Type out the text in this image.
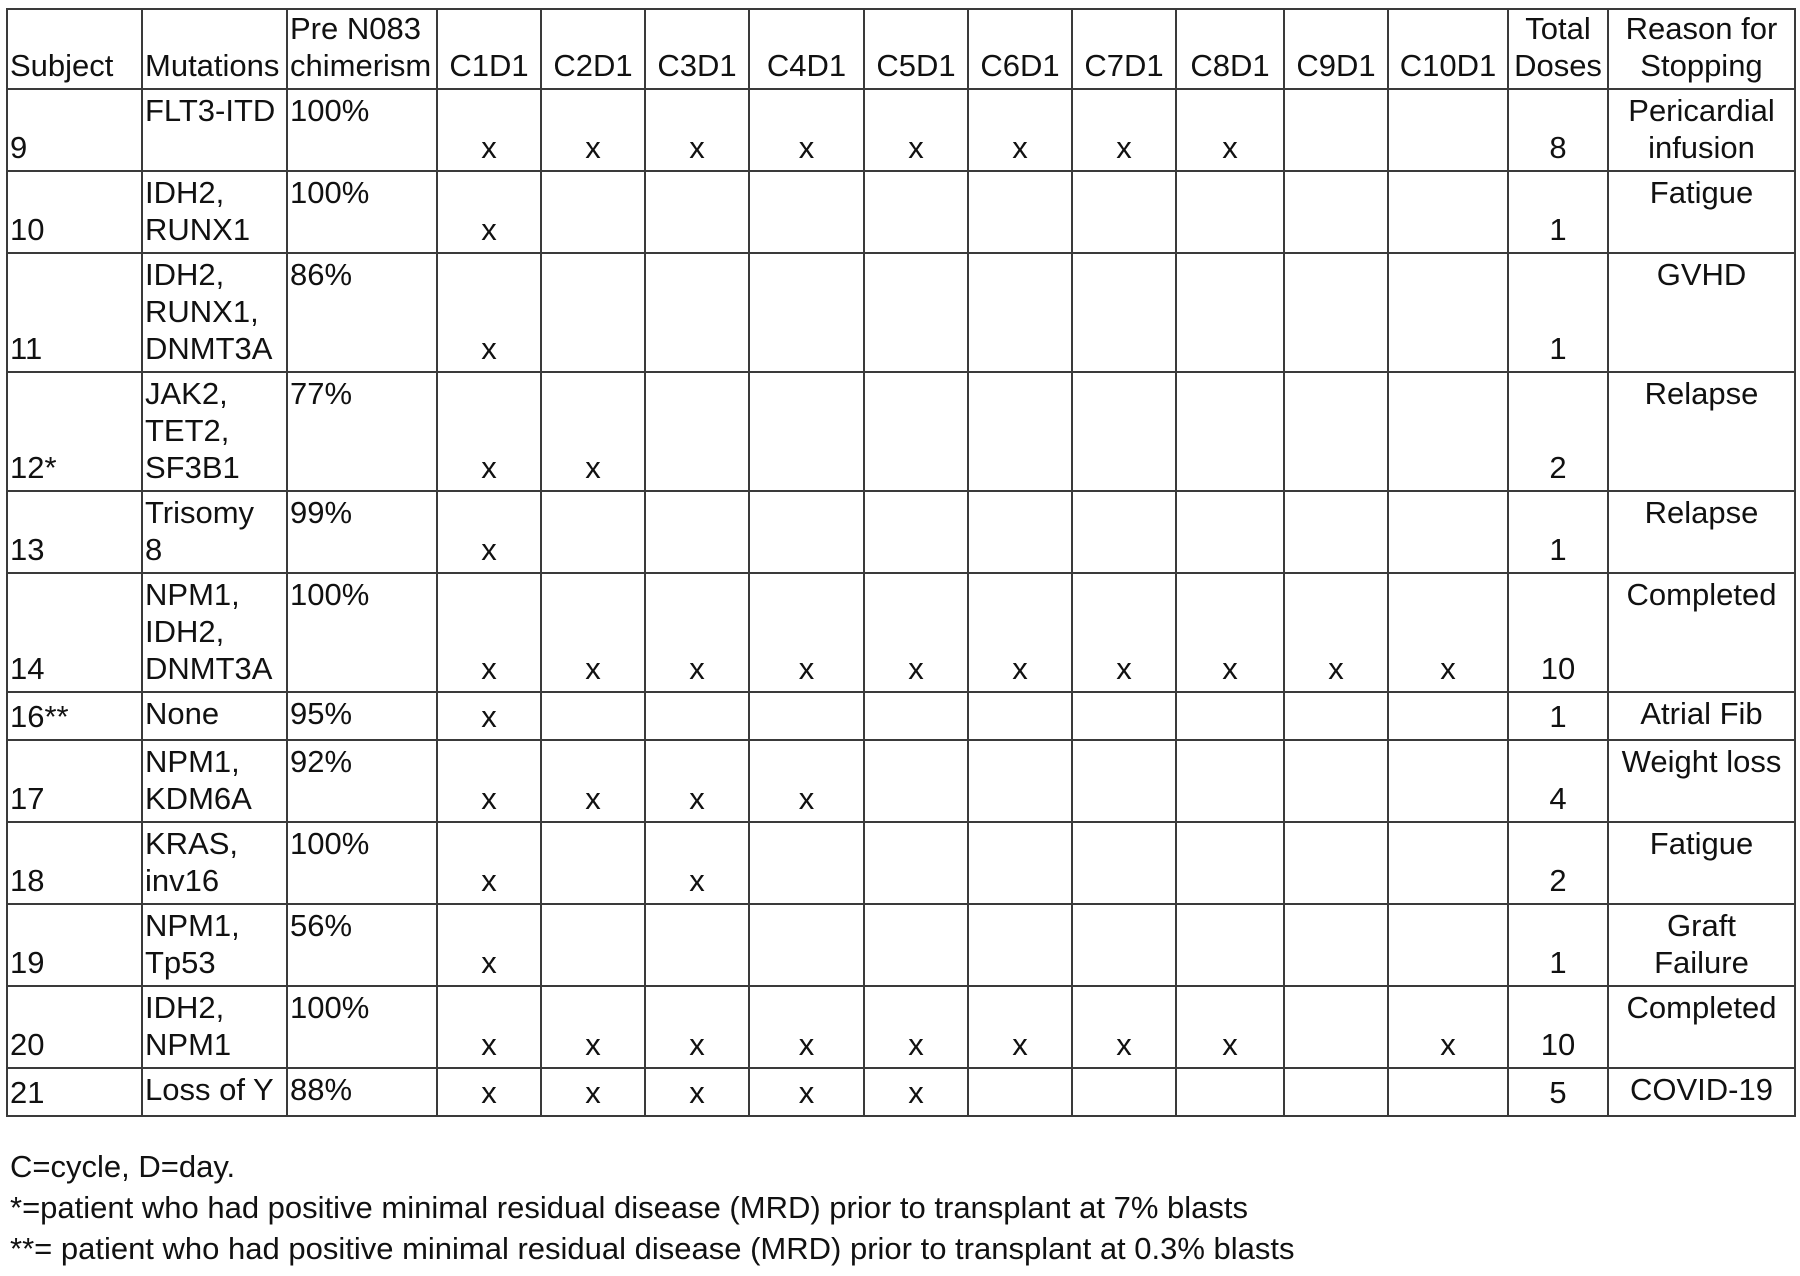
Subject	Mutations	Pre N083
chimerism	C1D1	C2D1	C3D1	C4D1	C5D1	C6D1	C7D1	C8D1	C9D1	C10D1	Total
Doses	Reason for
Stopping
9	FLT3-ITD	100%	x	x	x	x	x	x	x	x			8	Pericardial
infusion
10	IDH2,
RUNX1	100%	x										1	Fatigue
11	IDH2,
RUNX1,
DNMT3A	86%	x										1	GVHD
12*	JAK2,
TET2,
SF3B1	77%	x	x									2	Relapse
13	Trisomy
8	99%	x										1	Relapse
14	NPM1,
IDH2,
DNMT3A	100%	x	x	x	x	x	x	x	x	x	x	10	Completed
16**	None	95%	x										1	Atrial Fib
17	NPM1,
KDM6A	92%	x	x	x	x							4	Weight loss
18	KRAS,
inv16	100%	x		x								2	Fatigue
19	NPM1,
Tp53	56%	x										1	Graft
Failure
20	IDH2,
NPM1	100%	x	x	x	x	x	x	x	x		x	10	Completed
21	Loss of Y	88%	x	x	x	x	x						5	COVID-19
C=cycle, D=day.
*=patient who had positive minimal residual disease (MRD) prior to transplant at 7% blasts
**= patient who had positive minimal residual disease (MRD) prior to transplant at 0.3% blasts
